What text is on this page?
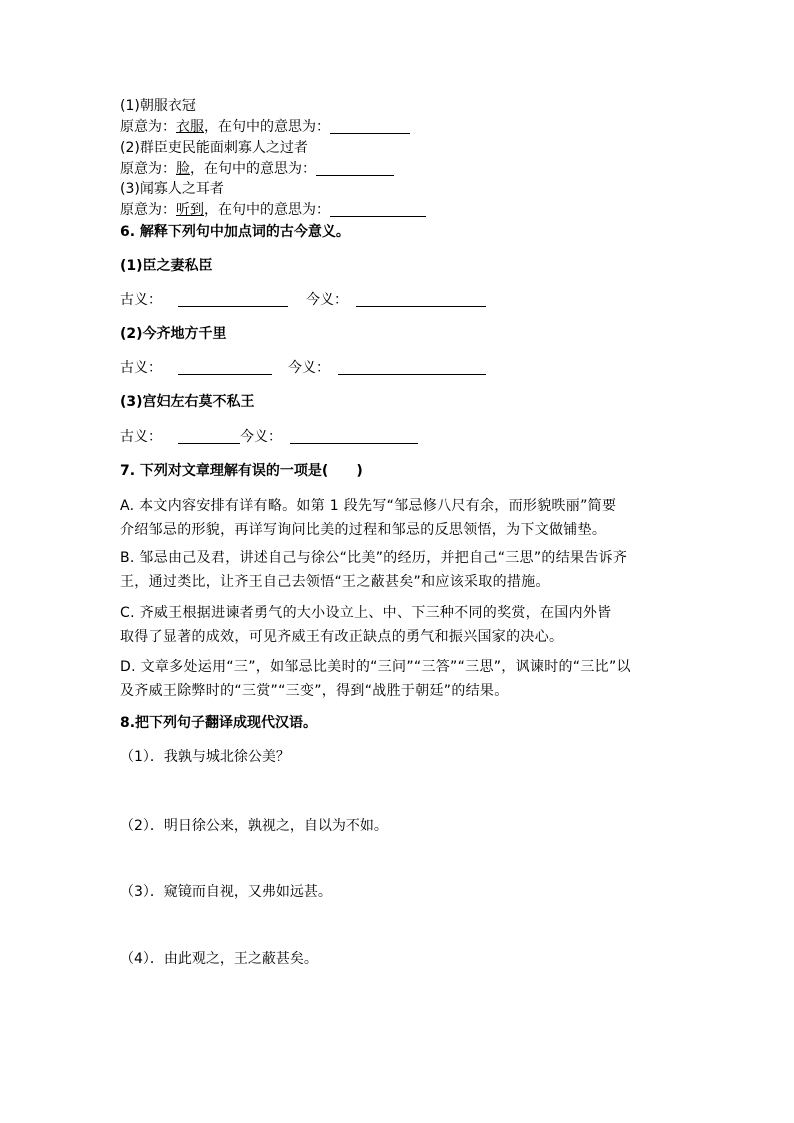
(1)朝服衣冠
原意为：衣服，在句中的意思为：
(2)群臣吏民能面刺寡人之过者
原意为：脸，在句中的意思为：
(3)闻寡人之耳者
原意为：听到，在句中的意思为：
6. 解释下列句中加点词的古今意义。
(1)臣之妻私臣
古义：	今义：
(2)今齐地方千里
古义：	今义：
(3)宫妇左右莫不私王
古义：	今义：
7. 下列对文章理解有误的一项是(　　)
A. 本文内容安排有详有略。如第 1 段先写“邹忌修八尺有余，而形貌昳丽”简要
介绍邹忌的形貌，再详写询问比美的过程和邹忌的反思领悟，为下文做铺垫。
B. 邹忌由己及君，讲述自己与徐公“比美”的经历，并把自己“三思”的结果告诉齐
王，通过类比，让齐王自己去领悟“王之蔽甚矣”和应该采取的措施。
C. 齐威王根据进谏者勇气的大小设立上、中、下三种不同的奖赏，在国内外皆
取得了显著的成效，可见齐威王有改正缺点的勇气和振兴国家的决心。
D. 文章多处运用“三”，如邹忌比美时的“三问”“三答”“三思”，讽谏时的“三比”以
及齐威王除弊时的“三赏”“三变”，得到“战胜于朝廷”的结果。
8.把下列句子翻译成现代汉语。
（1）．我孰与城北徐公美？
（2）．明日徐公来，孰视之，自以为不如。
（3）．窥镜而自视，又弗如远甚。
（4）．由此观之，王之蔽甚矣。
